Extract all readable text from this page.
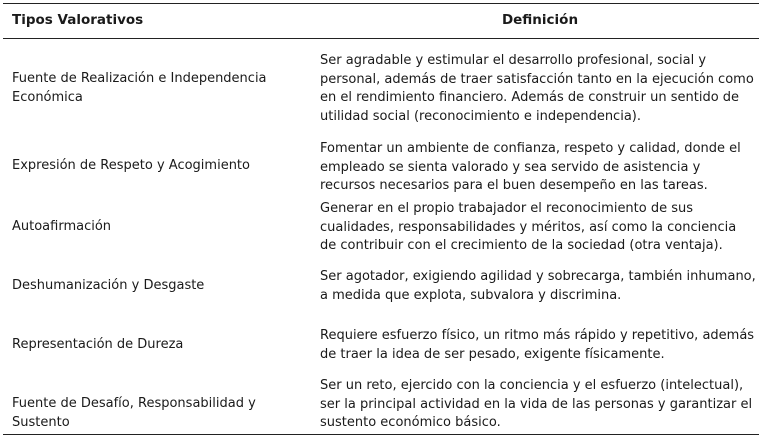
Tipos Valorativos	Definición
Fuente de Realización e Independencia Económica
Ser agradable y estimular el desarrollo profesional, social y personal, además de traer satisfacción tanto en la ejecución como en el rendimiento financiero. Además de construir un sentido de utilidad social (reconocimiento e independencia).
Expresión de Respeto y Acogimiento
Fomentar un ambiente de confianza, respeto y calidad, donde el empleado se sienta valorado y sea servido de asistencia y recursos necesarios para el buen desempeño en las tareas.
Autoafirmación
Generar en el propio trabajador el reconocimiento de sus cualidades, responsabilidades y méritos, así como la conciencia de contribuir con el crecimiento de la sociedad (otra ventaja).
Deshumanización y Desgaste
Ser agotador, exigiendo agilidad y sobrecarga, también inhumano, a medida que explota, subvalora y discrimina.
Representación de Dureza
Requiere esfuerzo físico, un ritmo más rápido y repetitivo, además de traer la idea de ser pesado, exigente físicamente.
Fuente de Desafío, Responsabilidad y Sustento
Ser un reto, ejercido con la conciencia y el esfuerzo (intelectual), ser la principal actividad en la vida de las personas y garantizar el sustento económico básico.
